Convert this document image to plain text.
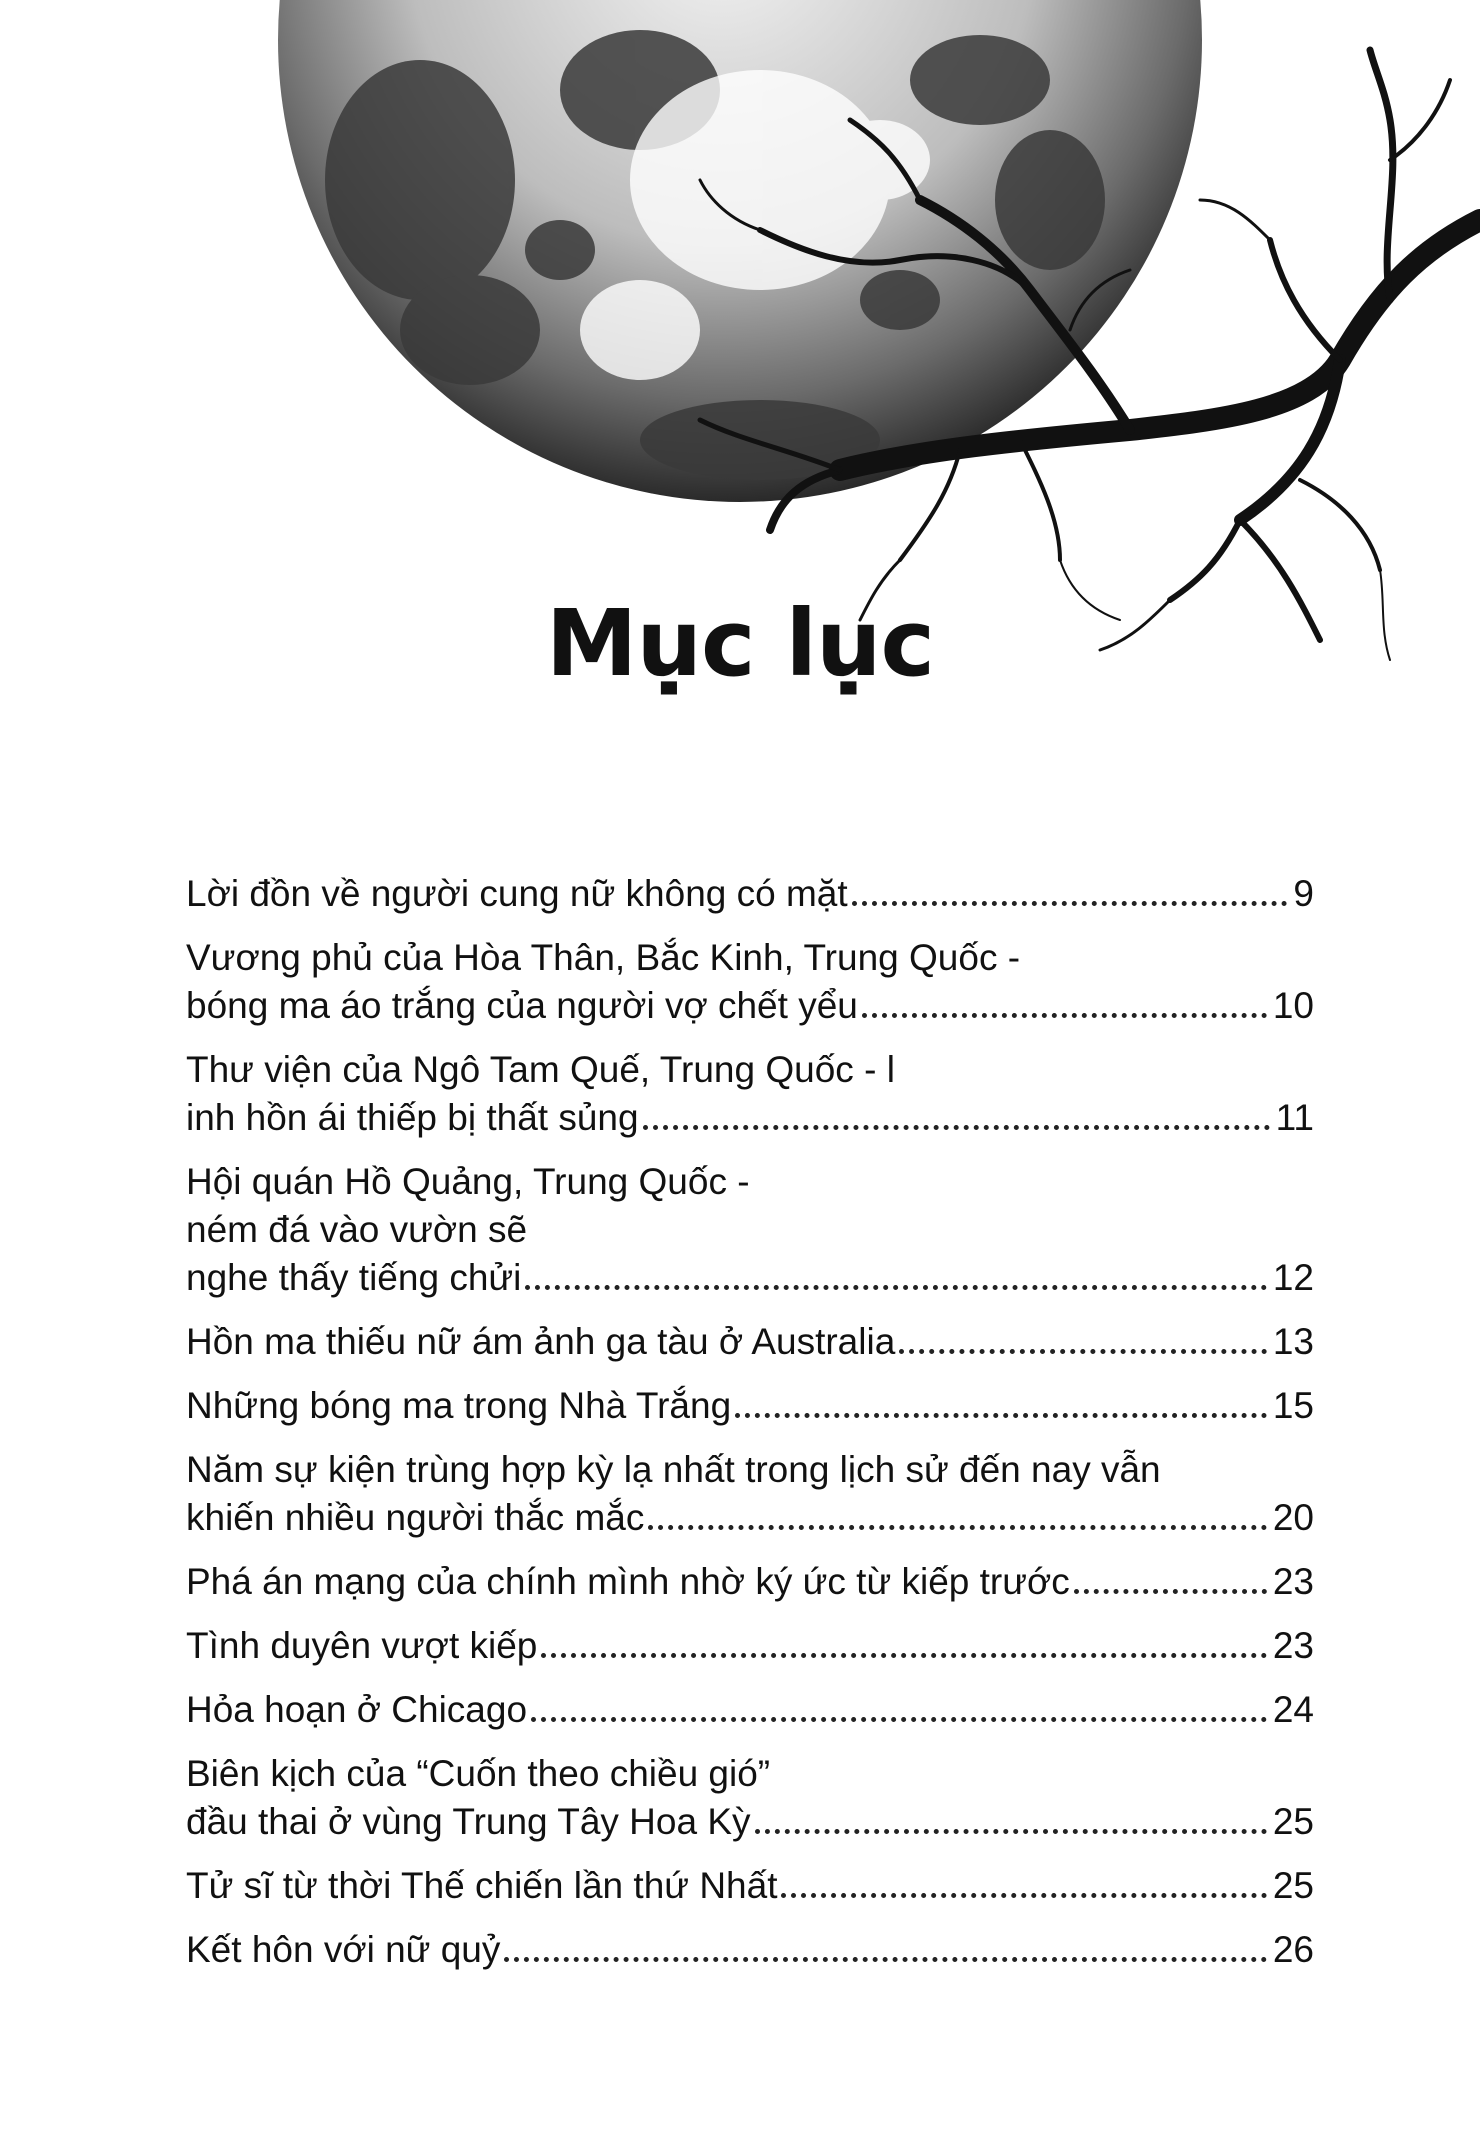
Mục lục
Lời đồn về người cung nữ không có mặt	9
Vương phủ của Hòa Thân, Bắc Kinh, Trung Quốc -
bóng ma áo trắng của người vợ chết yểu	10
Thư viện của Ngô Tam Quế, Trung Quốc - l
inh hồn ái thiếp bị thất sủng	11
Hội quán Hồ Quảng, Trung Quốc -
ném đá vào vườn sẽ
nghe thấy tiếng chửi	12
Hồn ma thiếu nữ ám ảnh ga tàu ở Australia	13
Những bóng ma trong Nhà Trắng	15
Năm sự kiện trùng hợp kỳ lạ nhất trong lịch sử đến nay vẫn
khiến nhiều người thắc mắc	20
Phá án mạng của chính mình nhờ ký ức từ kiếp trước	23
Tình duyên vượt kiếp	23
Hỏa hoạn ở Chicago	24
Biên kịch của “Cuốn theo chiều gió”
đầu thai ở vùng Trung Tây Hoa Kỳ	25
Tử sĩ từ thời Thế chiến lần thứ Nhất	25
Kết hôn với nữ quỷ	26
